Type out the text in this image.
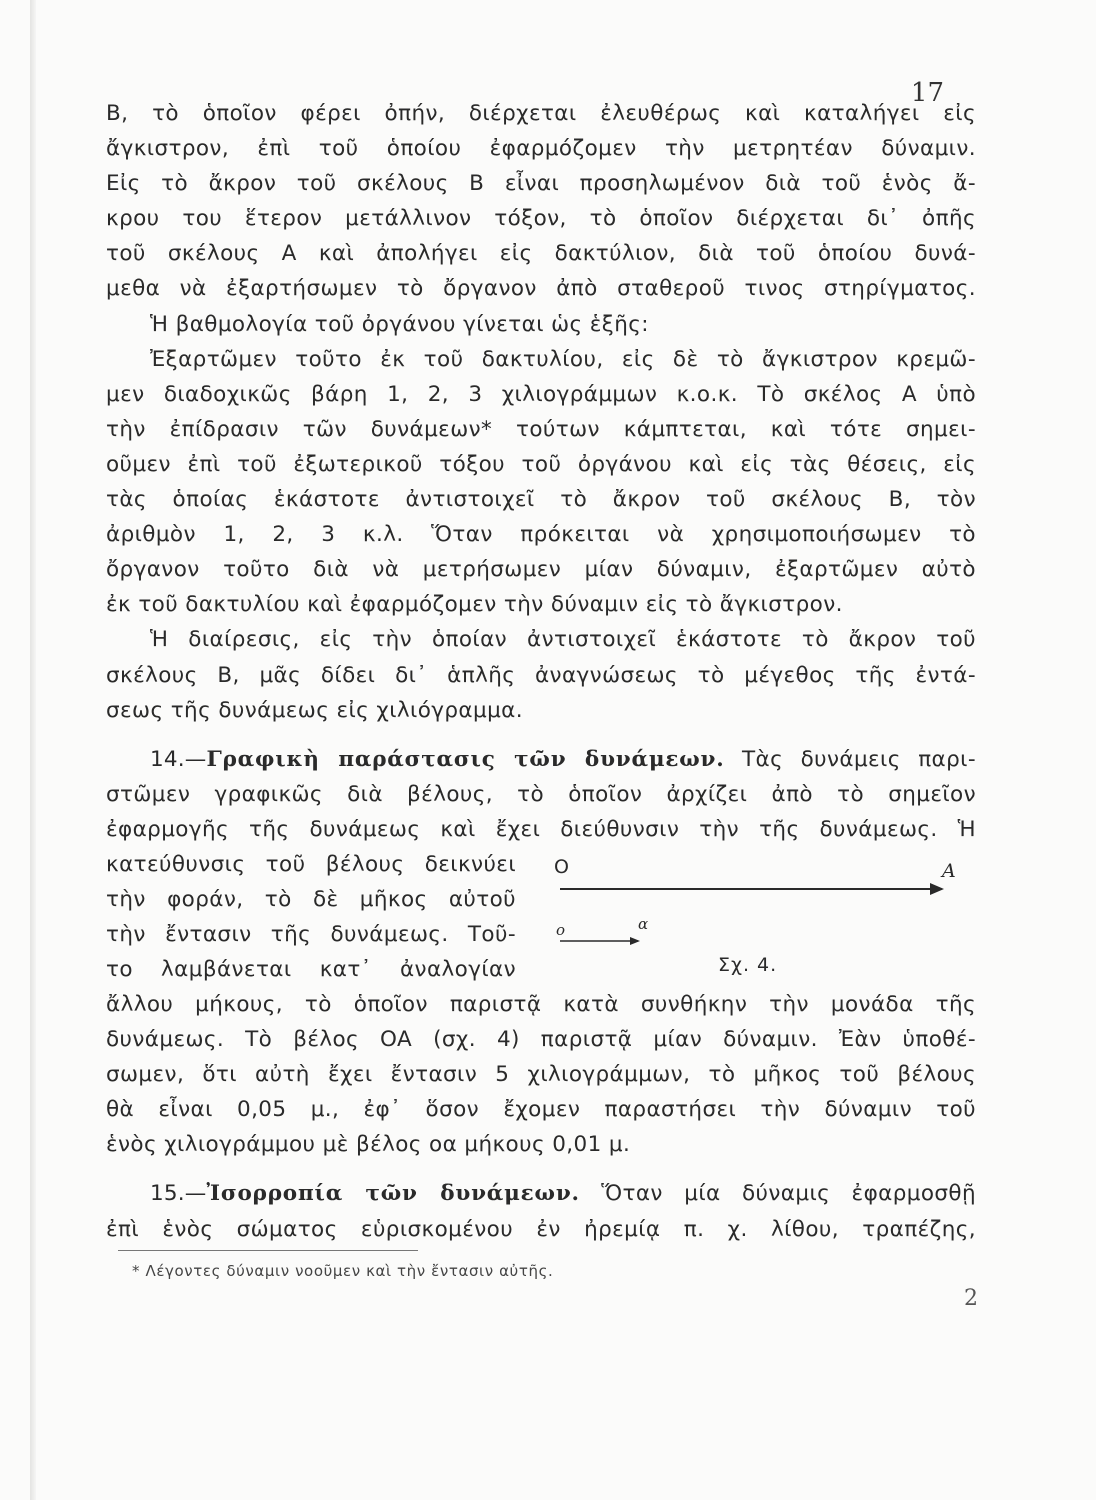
17
B, τὸ ὁποῖον φέρει ὀπήν, διέρχεται ἐλευθέρως καὶ καταλήγει εἰς
ἄγκιστρον, ἐπὶ τοῦ ὁποίου ἐφαρμόζομεν τὴν μετρητέαν δύναμιν.
Εἰς τὸ ἄκρον τοῦ σκέλους B εἶναι προσηλωμένον διὰ τοῦ ἑνὸς ἄ-
κρου του ἕτερον μετάλλινον τόξον, τὸ ὁποῖον διέρχεται δι᾽ ὀπῆς
τοῦ σκέλους A καὶ ἀπολήγει εἰς δακτύλιον, διὰ τοῦ ὁποίου δυνά-
μεθα νὰ ἐξαρτήσωμεν τὸ ὄργανον ἀπὸ σταθεροῦ τινος στηρίγματος.
Ἡ βαθμολογία τοῦ ὀργάνου γίνεται ὡς ἑξῆς:
Ἐξαρτῶμεν τοῦτο ἐκ τοῦ δακτυλίου, εἰς δὲ τὸ ἄγκιστρον κρεμῶ-
μεν διαδοχικῶς βάρη 1, 2, 3 χιλιογράμμων κ.ο.κ. Τὸ σκέλος A ὑπὸ
τὴν ἐπίδρασιν τῶν δυνάμεων* τούτων κάμπτεται, καὶ τότε σημει-
οῦμεν ἐπὶ τοῦ ἐξωτερικοῦ τόξου τοῦ ὀργάνου καὶ εἰς τὰς θέσεις, εἰς
τὰς ὁποίας ἑκάστοτε ἀντιστοιχεῖ τὸ ἄκρον τοῦ σκέλους B, τὸν
ἀριθμὸν 1, 2, 3 κ.λ. Ὅταν πρόκειται νὰ χρησιμοποιήσωμεν τὸ
ὄργανον τοῦτο διὰ νὰ μετρήσωμεν μίαν δύναμιν, ἐξαρτῶμεν αὐτὸ
ἐκ τοῦ δακτυλίου καὶ ἐφαρμόζομεν τὴν δύναμιν εἰς τὸ ἄγκιστρον.
Ἡ διαίρεσις, εἰς τὴν ὁποίαν ἀντιστοιχεῖ ἑκάστοτε τὸ ἄκρον τοῦ
σκέλους B, μᾶς δίδει δι᾽ ἁπλῆς ἀναγνώσεως τὸ μέγεθος τῆς ἐντά-
σεως τῆς δυνάμεως εἰς χιλιόγραμμα.
14.—Γραφικὴ παράστασις τῶν δυνάμεων. Τὰς δυνάμεις παρι-
στῶμεν γραφικῶς διὰ βέλους, τὸ ὁποῖον ἀρχίζει ἀπὸ τὸ σημεῖον
ἐφαρμογῆς τῆς δυνάμεως καὶ ἔχει διεύθυνσιν τὴν τῆς δυνάμεως. Ἡ
κατεύθυνσις τοῦ βέλους δεικνύει
τὴν φοράν, τὸ δὲ μῆκος αὐτοῦ
τὴν ἔντασιν τῆς δυνάμεως. Τοῦ-
το λαμβάνεται κατ᾽ ἀναλογίαν
O	A
ο	α
Σχ. 4.
ἄλλου μήκους, τὸ ὁποῖον παριστᾷ κατὰ συνθήκην τὴν μονάδα τῆς
δυνάμεως. Τὸ βέλος OA (σχ. 4) παριστᾷ μίαν δύναμιν. Ἐὰν ὑποθέ-
σωμεν, ὅτι αὐτὴ ἔχει ἔντασιν 5 χιλιογράμμων, τὸ μῆκος τοῦ βέλους
θὰ εἶναι 0,05 μ., ἐφ᾽ ὅσον ἔχομεν παραστήσει τὴν δύναμιν τοῦ
ἑνὸς χιλιογράμμου μὲ βέλος οα μήκους 0,01 μ.
15.—Ἰσορροπία τῶν δυνάμεων. Ὅταν μία δύναμις ἐφαρμοσθῇ
ἐπὶ ἑνὸς σώματος εὑρισκομένου ἐν ἠρεμίᾳ π. χ. λίθου, τραπέζης,
* Λέγοντες δύναμιν νοοῦμεν καὶ τὴν ἔντασιν αὐτῆς.
2
